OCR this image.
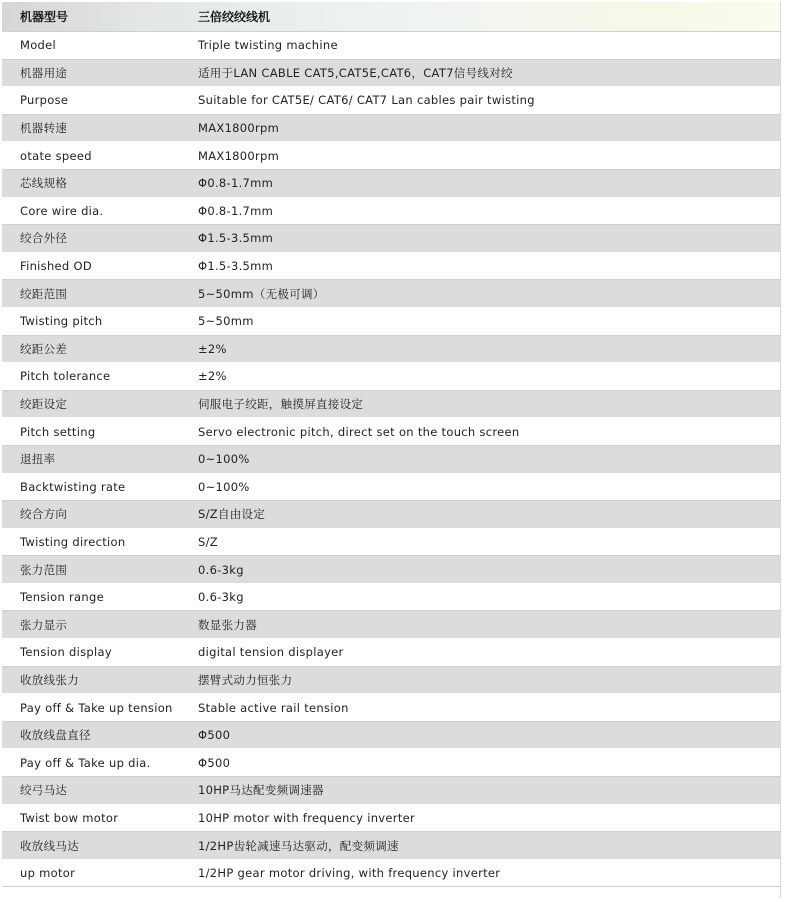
机器型号	三倍绞绞线机

Model	Triple twisting machine

机器用途	适用于LAN CABLE CAT5,CAT5E,CAT6，CAT7信号线对绞

Purpose	Suitable for CAT5E/ CAT6/ CAT7 Lan cables pair twisting

机器转速	MAX1800rpm

otate speed	MAX1800rpm

芯线规格	Φ0.8-1.7mm

Core wire dia.	Φ0.8-1.7mm

绞合外径	Φ1.5-3.5mm

Finished OD	Φ1.5-3.5mm

绞距范围	5~50mm（无极可调）

Twisting pitch	5~50mm

绞距公差	±2%

Pitch tolerance	±2%

绞距设定	伺服电子绞距，触摸屏直接设定

Pitch setting	Servo electronic pitch, direct set on the touch screen

退扭率	0~100%

Backtwisting rate	0~100%

绞合方向	S/Z自由设定

Twisting direction	S/Z

张力范围	0.6-3kg

Tension range	0.6-3kg

张力显示	数显张力器

Tension display	digital tension displayer

收放线张力	摆臂式动力恒张力

Pay off & Take up tension	Stable active rail tension

收放线盘直径	Φ500

Pay off & Take up dia.	Φ500

绞弓马达	10HP马达配变频调速器

Twist bow motor	10HP motor with frequency inverter

收放线马达	1/2HP齿轮减速马达驱动，配变频调速

up motor	1/2HP gear motor driving, with frequency inverter
